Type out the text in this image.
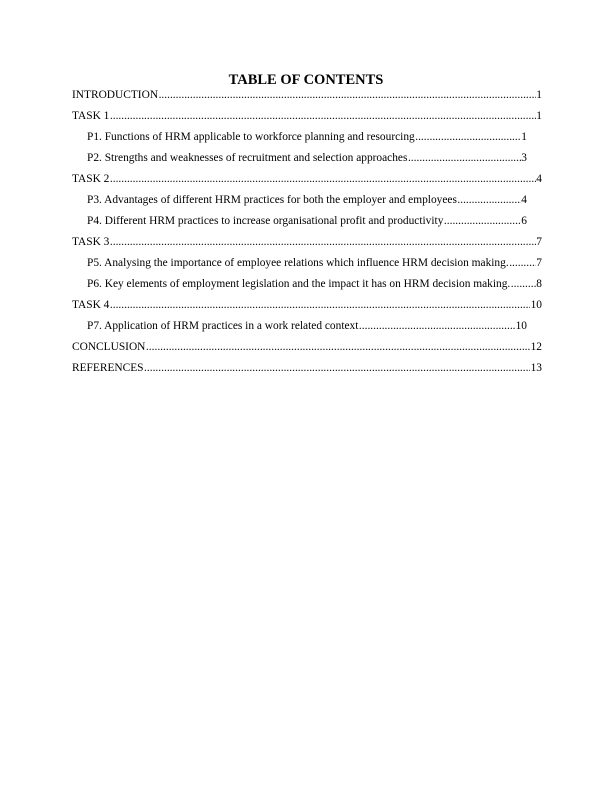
TABLE OF CONTENTS
INTRODUCTION .....	1
TASK 1 .....	1
P1. Functions of HRM applicable to workforce planning and resourcing .....	1
P2. Strengths and weaknesses of recruitment and selection approaches .....	3
TASK 2 .....	4
P3. Advantages of different HRM practices for both the employer and employees .....	4
P4. Different HRM practices to increase organisational profit and productivity .....	6
TASK 3 .....	7
P5. Analysing the importance of employee relations which influence HRM decision making. ..... 7
P6. Key elements of employment legislation and the impact it has on HRM decision making. ..... 8
TASK 4 .....	10
P7. Application of HRM practices in a work related context .....	10
CONCLUSION .....	12
REFERENCES .....	13
